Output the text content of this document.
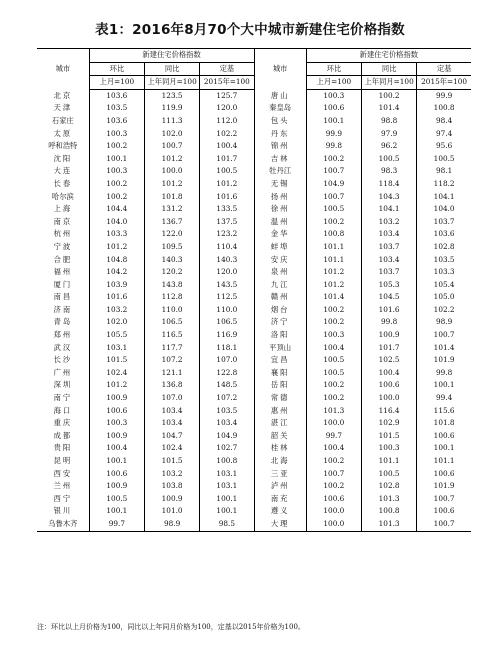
表1：2016年8月70个大中城市新建住宅价格指数
城市	新建住宅价格指数			城市	新建住宅价格指数		
	环比	同比	定基		环比	同比	定基
	上月=100	上年同月=100	2015年=100		上月=100	上年同月=100	2015年=100
北京	103.6	123.5	125.7	唐山	100.3	100.2	99.9
天津	103.5	119.9	120.0	秦皇岛	100.6	101.4	100.8
石家庄	103.6	111.3	112.0	包头	100.1	98.8	98.4
太原	100.3	102.0	102.2	丹东	99.9	97.9	97.4
呼和浩特	100.2	100.7	100.4	锦州	99.8	96.2	95.6
沈阳	100.1	101.2	101.7	吉林	100.2	100.5	100.5
大连	100.3	100.0	100.5	牡丹江	100.7	98.3	98.1
长春	100.2	101.2	101.2	无锡	104.9	118.4	118.2
哈尔滨	100.2	101.8	101.6	扬州	100.7	104.3	104.1
上海	104.4	131.2	133.5	徐州	100.5	104.1	104.0
南京	104.0	136.7	137.5	温州	100.2	103.2	103.7
杭州	103.3	122.0	123.2	金华	100.8	103.4	103.6
宁波	101.2	109.5	110.4	蚌埠	101.1	103.7	102.8
合肥	104.8	140.3	140.3	安庆	101.1	103.4	103.5
福州	104.2	120.2	120.0	泉州	101.2	103.7	103.3
厦门	103.9	143.8	143.5	九江	101.2	105.3	105.4
南昌	101.6	112.8	112.5	赣州	101.4	104.5	105.0
济南	103.2	110.0	110.0	烟台	100.2	101.6	102.2
青岛	102.0	106.5	106.5	济宁	100.2	99.8	98.9
郑州	105.5	116.5	116.9	洛阳	100.3	100.9	100.7
武汉	103.1	117.7	118.1	平顶山	100.4	101.7	101.4
长沙	101.5	107.2	107.0	宜昌	100.5	102.5	101.9
广州	102.4	121.1	122.8	襄阳	100.5	100.4	99.8
深圳	101.2	136.8	148.5	岳阳	100.2	100.6	100.1
南宁	100.9	107.0	107.2	常德	100.2	100.0	99.4
海口	100.6	103.4	103.5	惠州	101.3	116.4	115.6
重庆	100.3	103.4	103.4	湛江	100.0	102.9	101.8
成都	100.9	104.7	104.9	韶关	99.7	101.5	100.6
贵阳	100.4	102.4	102.7	桂林	100.4	100.3	100.1
昆明	100.1	101.5	100.8	北海	100.2	101.1	101.1
西安	100.6	103.2	103.1	三亚	100.7	100.5	100.6
兰州	100.9	103.8	103.1	泸州	100.2	102.8	101.9
西宁	100.5	100.9	100.1	南充	100.6	101.3	100.7
银川	100.1	101.0	100.1	遵义	100.0	100.8	100.6
乌鲁木齐	99.7	98.9	98.5	大理	100.0	101.3	100.7
注：环比以上月价格为100，同比以上年同月价格为100，定基以2015年价格为100。
